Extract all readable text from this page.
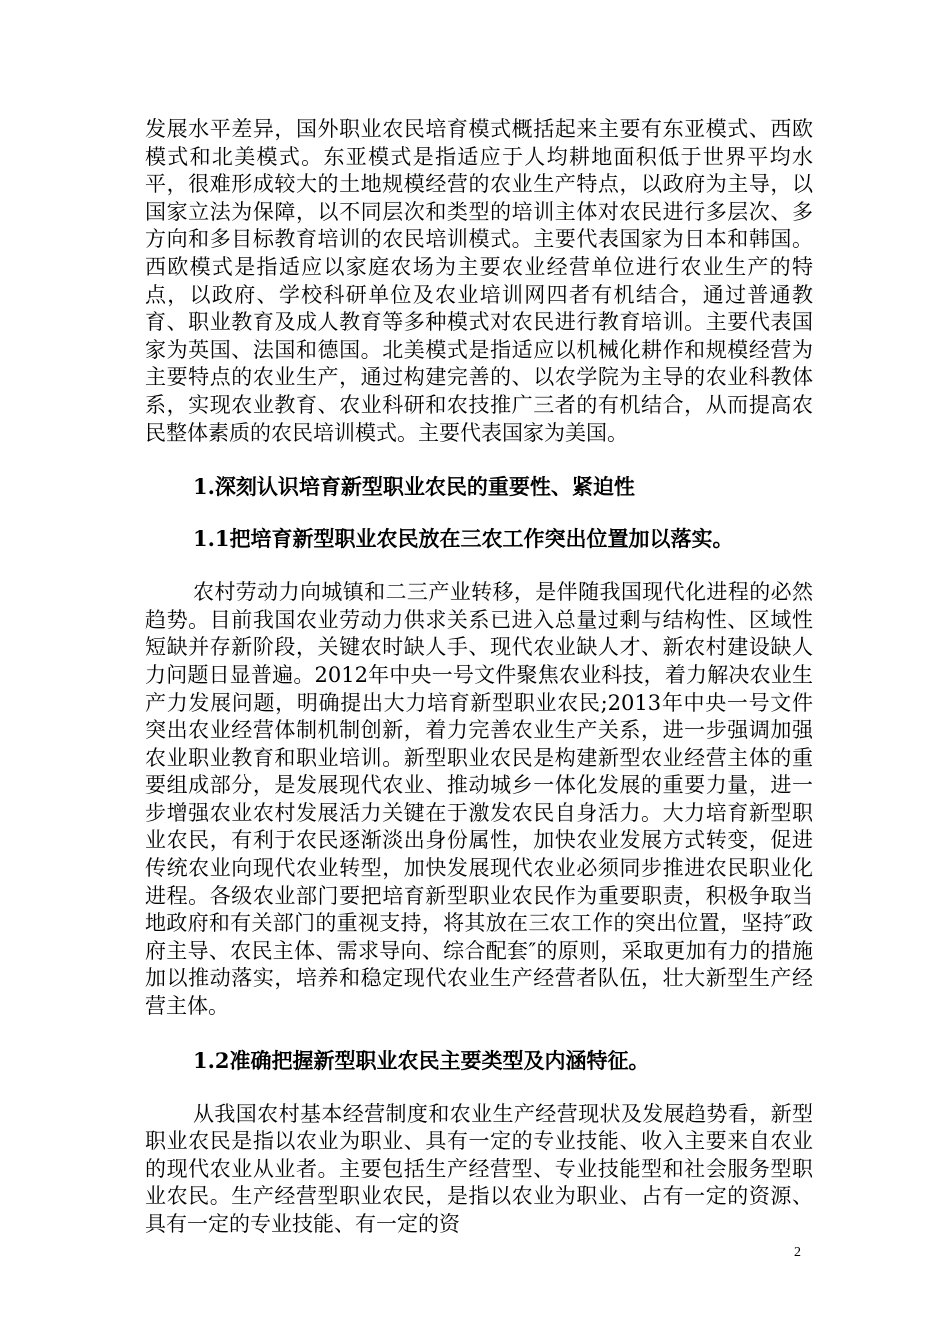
发展水平差异，国外职业农民培育模式概括起来主要有东亚模式、西欧模式和北美模式。东亚模式是指适应于人均耕地面积低于世界平均水平，很难形成较大的土地规模经营的农业生产特点，以政府为主导，以国家立法为保障，以不同层次和类型的培训主体对农民进行多层次、多方向和多目标教育培训的农民培训模式。主要代表国家为日本和韩国。西欧模式是指适应以家庭农场为主要农业经营单位进行农业生产的特点，以政府、学校科研单位及农业培训网四者有机结合，通过普通教育、职业教育及成人教育等多种模式对农民进行教育培训。主要代表国家为英国、法国和德国。北美模式是指适应以机械化耕作和规模经营为主要特点的农业生产，通过构建完善的、以农学院为主导的农业科教体系，实现农业教育、农业科研和农技推广三者的有机结合，从而提高农民整体素质的农民培训模式。主要代表国家为美国。

1.深刻认识培育新型职业农民的重要性、紧迫性
1.1把培育新型职业农民放在三农工作突出位置加以落实。

农村劳动力向城镇和二三产业转移，是伴随我国现代化进程的必然趋势。目前我国农业劳动力供求关系已进入总量过剩与结构性、区域性短缺并存新阶段，关键农时缺人手、现代农业缺人才、新农村建设缺人力问题日显普遍。2012年中央一号文件聚焦农业科技，着力解决农业生产力发展问题，明确提出大力培育新型职业农民;2013年中央一号文件突出农业经营体制机制创新，着力完善农业生产关系，进一步强调加强农业职业教育和职业培训。新型职业农民是构建新型农业经营主体的重要组成部分，是发展现代农业、推动城乡一体化发展的重要力量，进一步增强农业农村发展活力关键在于激发农民自身活力。大力培育新型职业农民，有利于农民逐渐淡出身份属性，加快农业发展方式转变，促进传统农业向现代农业转型，加快发展现代农业必须同步推进农民职业化进程。各级农业部门要把培育新型职业农民作为重要职责，积极争取当地政府和有关部门的重视支持，将其放在三农工作的突出位置，坚持″政府主导、农民主体、需求导向、综合配套″的原则，采取更加有力的措施加以推动落实，培养和稳定现代农业生产经营者队伍，壮大新型生产经营主体。

1.2准确把握新型职业农民主要类型及内涵特征。

从我国农村基本经营制度和农业生产经营现状及发展趋势看，新型职业农民是指以农业为职业、具有一定的专业技能、收入主要来自农业的现代农业从业者。主要包括生产经营型、专业技能型和社会服务型职业农民。生产经营型职业农民，是指以农业为职业、占有一定的资源、具有一定的专业技能、有一定的资

2
